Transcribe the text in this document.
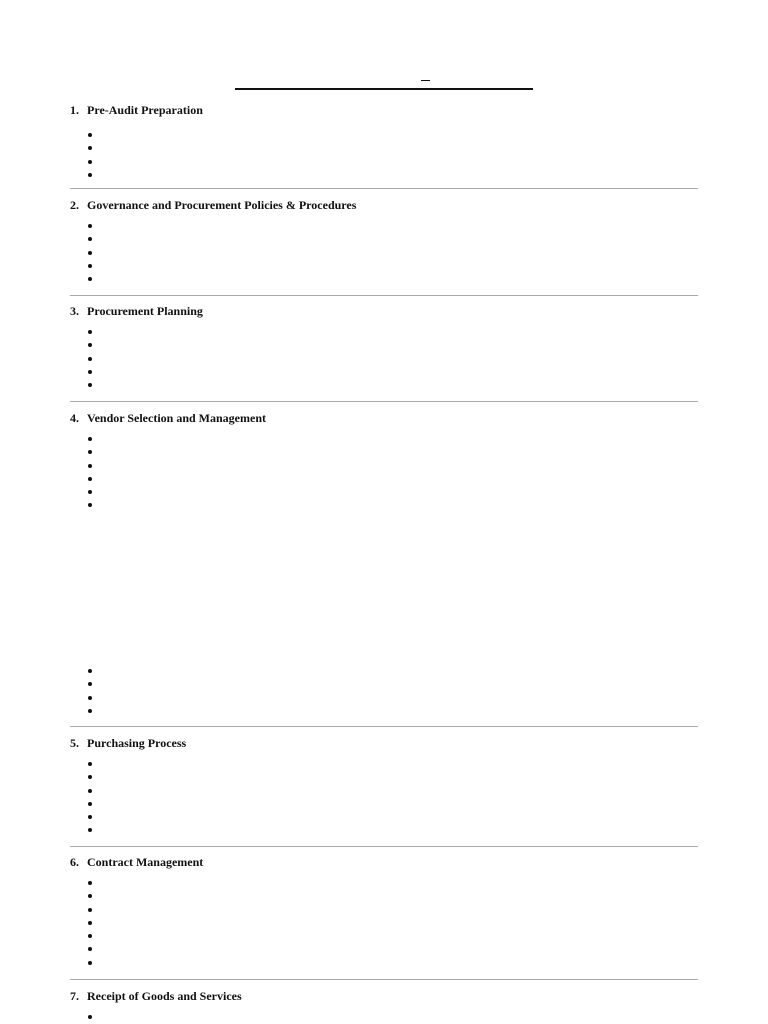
1. Pre-Audit Preparation
2. Governance and Procurement Policies & Procedures
3. Procurement Planning
4. Vendor Selection and Management
5. Purchasing Process
6. Contract Management
7. Receipt of Goods and Services
